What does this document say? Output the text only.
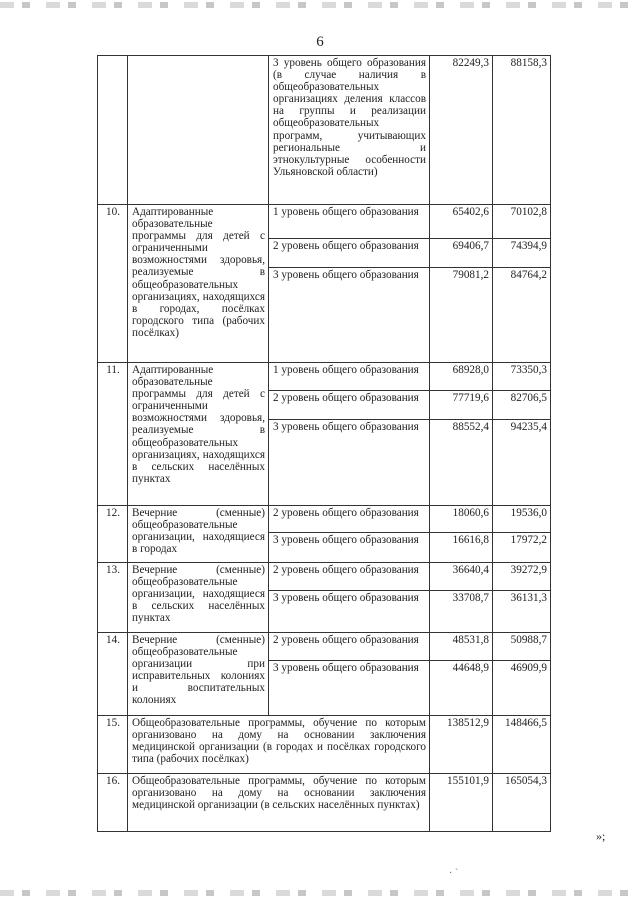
6
		3 уровень общего образования (в случае наличия в общеобразовательных организациях деления классов на группы и реализации общеобразовательных программ, учитывающих региональные и этнокультурные особенности Ульяновской области)	82249,3	88158,3
10.	Адаптированные образовательные программы для детей с ограниченными возможностями здоровья, реализуемые в общеобразовательных организациях, находящихся в городах, посёлках городского типа (рабочих посёлках)	1 уровень общего образования	65402,6	70102,8
		2 уровень общего образования	69406,7	74394,9
		3 уровень общего образования	79081,2	84764,2
11.	Адаптированные образовательные программы для детей с ограниченными возможностями здоровья, реализуемые в общеобразовательных организациях, находящихся в сельских населённых пунктах	1 уровень общего образования	68928,0	73350,3
		2 уровень общего образования	77719,6	82706,5
		3 уровень общего образования	88552,4	94235,4
12.	Вечерние (сменные) общеобразовательные организации, находящиеся в городах	2 уровень общего образования	18060,6	19536,0
		3 уровень общего образования	16616,8	17972,2
13.	Вечерние (сменные) общеобразовательные организации, находящиеся в сельских населённых пунктах	2 уровень общего образования	36640,4	39272,9
		3 уровень общего образования	33708,7	36131,3
14.	Вечерние (сменные) общеобразовательные организации при исправительных колониях и воспитательных колониях	2 уровень общего образования	48531,8	50988,7
		3 уровень общего образования	44648,9	46909,9
15.	Общеобразовательные программы, обучение по которым организовано на дому на основании заключения медицинской организации (в городах и посёлках городского типа (рабочих посёлках)		138512,9	148466,5
16.	Общеобразовательные программы, обучение по которым организовано на дому на основании заключения медицинской организации (в сельских населённых пунктах)		155101,9	165054,3
»;
· ˋ
